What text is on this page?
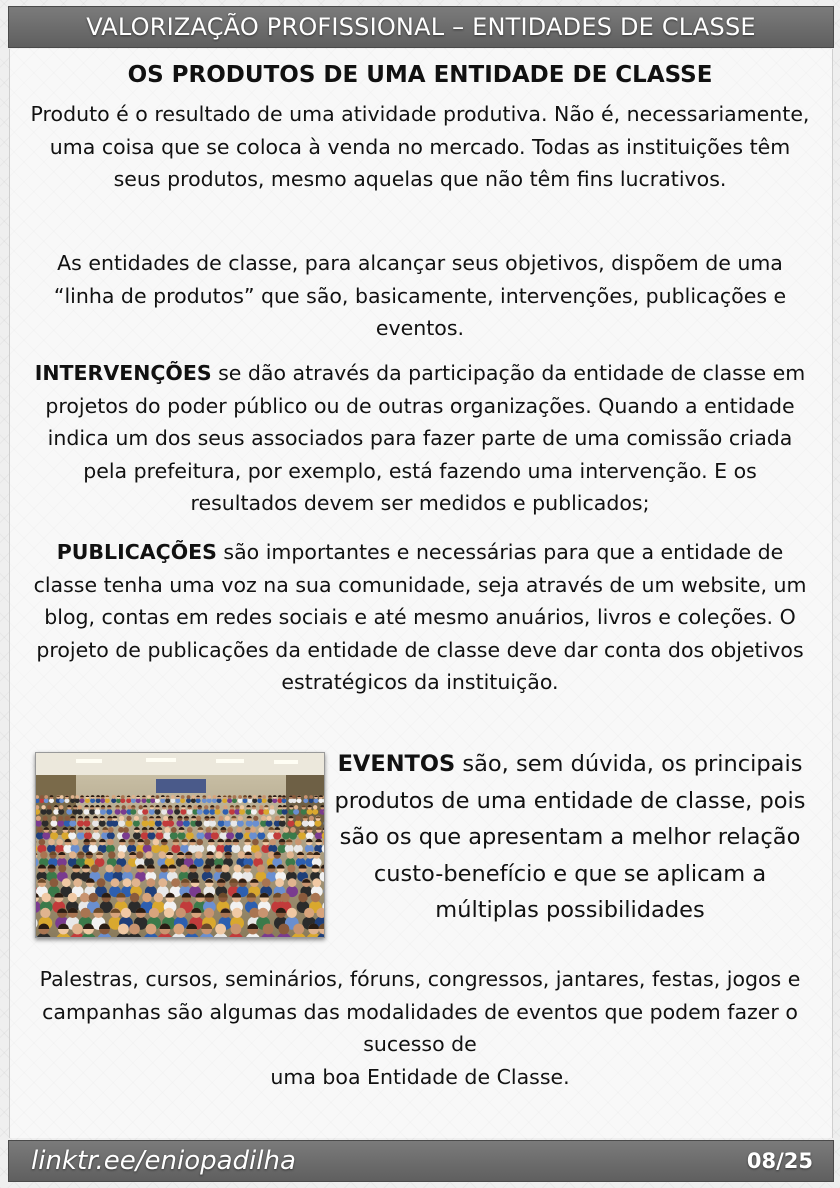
VALORIZAÇÃO PROFISSIONAL – ENTIDADES DE CLASSE
OS PRODUTOS DE UMA ENTIDADE DE CLASSE

Produto é o resultado de uma atividade produtiva. Não é, necessariamente, uma coisa que se coloca à venda no mercado. Todas as instituições têm seus produtos, mesmo aquelas que não têm fins lucrativos.

As entidades de classe, para alcançar seus objetivos, dispõem de uma “linha de produtos” que são, basicamente, intervenções, publicações e eventos.

INTERVENÇÕES se dão através da participação da entidade de classe em projetos do poder público ou de outras organizações. Quando a entidade indica um dos seus associados para fazer parte de uma comissão criada pela prefeitura, por exemplo, está fazendo uma intervenção. E os resultados devem ser medidos e publicados;

PUBLICAÇÕES são importantes e necessárias para que a entidade de classe tenha uma voz na sua comunidade, seja através de um website, um blog, contas em redes sociais e até mesmo anuários, livros e coleções. O projeto de publicações da entidade de classe deve dar conta dos objetivos estratégicos da instituição.

EVENTOS são, sem dúvida, os principais produtos de uma entidade de classe, pois são os que apresentam a melhor relação custo-benefício e que se aplicam a múltiplas possibilidades

Palestras, cursos, seminários, fóruns, congressos, jantares, festas, jogos e campanhas são algumas das modalidades de eventos que podem fazer o sucesso de
uma boa Entidade de Classe.

linktr.ee/eniopadilha	08/25
